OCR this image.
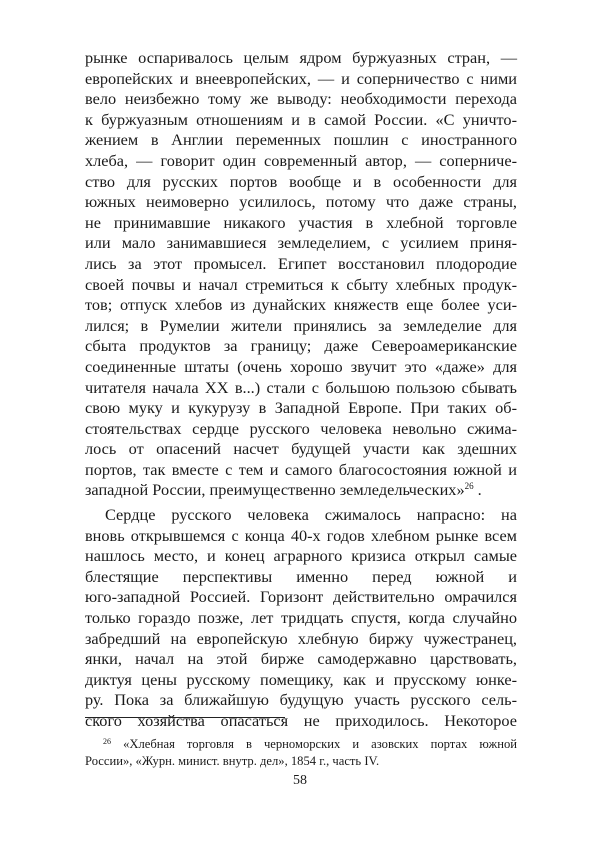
рынке оспаривалось целым ядром буржуазных стран, —
европейских и внеевропейских, — и соперничество с ними
вело неизбежно тому же выводу: необходимости перехода
к буржуазным отношениям и в самой России. «С уничто-
жением в Англии переменных пошлин с иностранного
хлеба, — говорит один современный автор, — соперниче-
ство для русских портов вообще и в особенности для
южных неимоверно усилилось, потому что даже страны,
не принимавшие никакого участия в хлебной торговле
или мало занимавшиеся земледелием, с усилием приня-
лись за этот промысел. Египет восстановил плодородие
своей почвы и начал стремиться к сбыту хлебных продук-
тов; отпуск хлебов из дунайских княжеств еще более уси-
лился; в Румелии жители принялись за земледелие для
сбыта продуктов за границу; даже Североамериканские
соединенные штаты (очень хорошо звучит это «даже» для
читателя начала XX в...) стали с большою пользою сбывать
свою муку и кукурузу в Западной Европе. При таких об-
стоятельствах сердце русского человека невольно сжима-
лось от опасений насчет будущей участи как здешних
портов, так вместе с тем и самого благосостояния южной и
западной России, преимущественно земледельческих»$^{26}$ .
Сердце русского человека сжималось напрасно: на
вновь открывшемся с конца 40-х годов хлебном рынке всем
нашлось место, и конец аграрного кризиса открыл самые
блестящие перспективы именно перед южной и
юго-западной Россией. Горизонт действительно омрачился
только гораздо позже, лет тридцать спустя, когда случайно
забредший на европейскую хлебную биржу чужестранец,
янки, начал на этой бирже самодержавно царствовать,
диктуя цены русскому помещику, как и прусскому юнке-
ру. Пока за ближайшую будущую участь русского сель-
ского хозяйства опасаться не приходилось. Некоторое
$^{26}$ «Хлебная торговля в черноморских и азовских портах южной
России», «Журн. минист. внутр. дел», 1854 г., часть IV.
58
